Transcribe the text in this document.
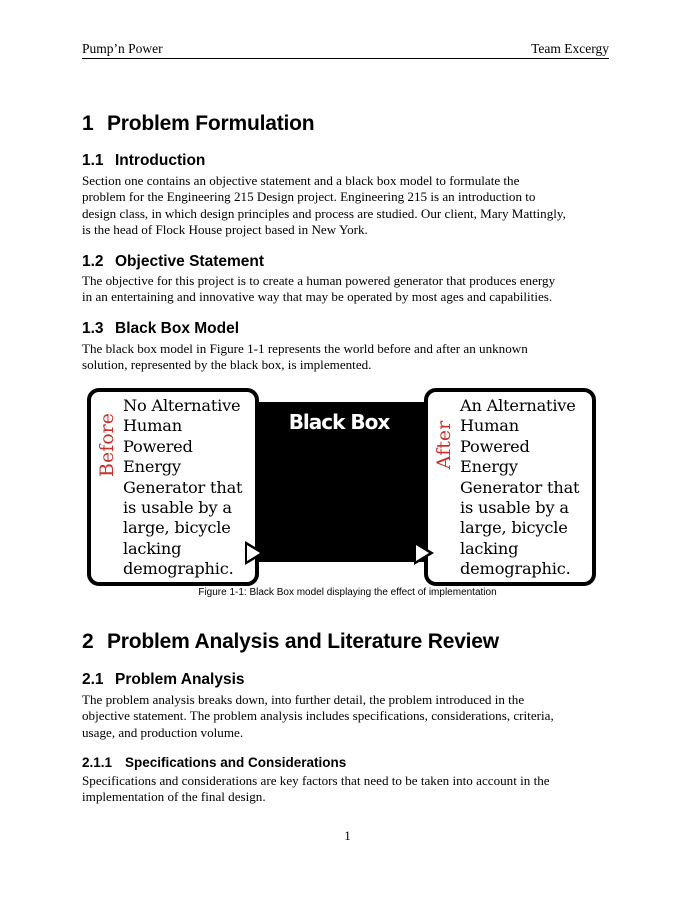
Pump’n Power	Team Excergy
1 Problem Formulation
1.1 Introduction
Section one contains an objective statement and a black box model to formulate the
problem for the Engineering 215 Design project. Engineering 215 is an introduction to
design class, in which design principles and process are studied. Our client, Mary Mattingly,
is the head of Flock House project based in New York.
1.2 Objective Statement
The objective for this project is to create a human powered generator that produces energy
in an entertaining and innovative way that may be operated by most ages and capabilities.
1.3 Black Box Model
The black box model in Figure 1-1 represents the world before and after an unknown
solution, represented by the black box, is implemented.
Black Box
Before
No Alternative
Human
Powered
Energy
Generator that
is usable by a
large, bicycle
lacking
demographic.
After
An Alternative
Human
Powered
Energy
Generator that
is usable by a
large, bicycle
lacking
demographic.
Figure 1-1: Black Box model displaying the effect of implementation
2 Problem Analysis and Literature Review
2.1 Problem Analysis
The problem analysis breaks down, into further detail, the problem introduced in the
objective statement. The problem analysis includes specifications, considerations, criteria,
usage, and production volume.
2.1.1 Specifications and Considerations
Specifications and considerations are key factors that need to be taken into account in the
implementation of the final design.
1
